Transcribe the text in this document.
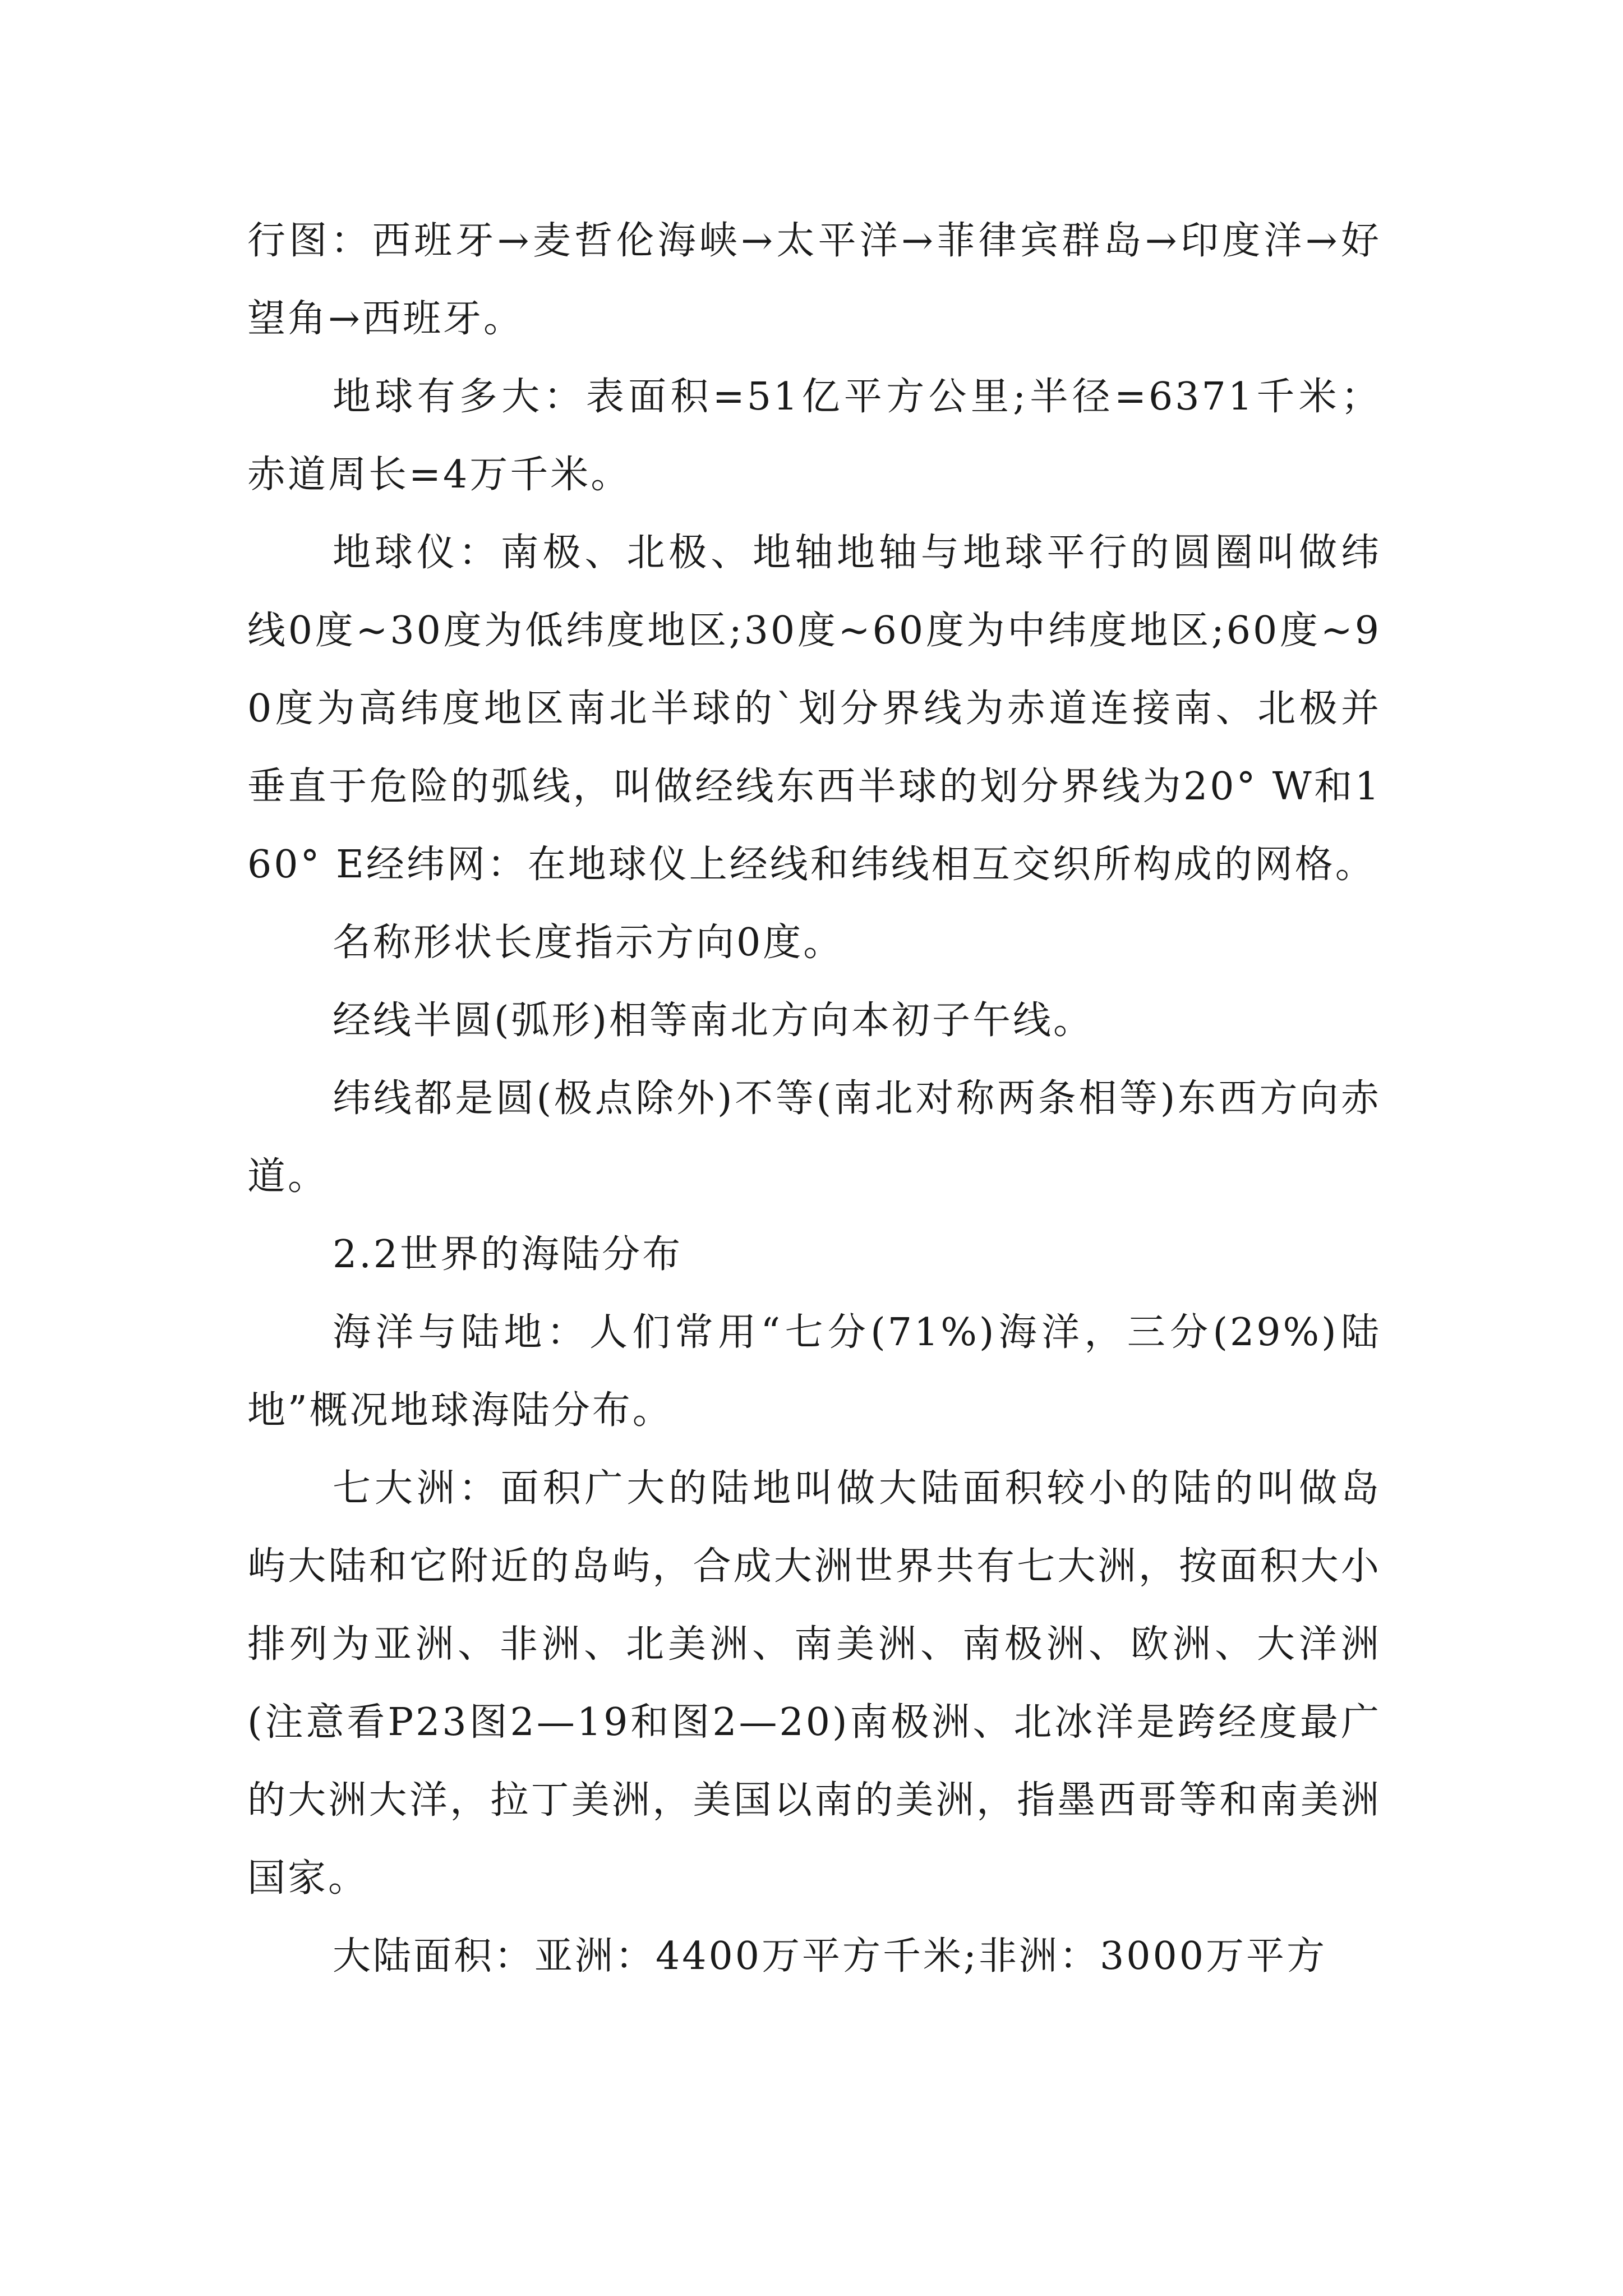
行图：西班牙→麦哲伦海峡→太平洋→菲律宾群岛→印度洋→好望角→西班牙。

地球有多大：表面积=51亿平方公里;半径=6371千米；赤道周长=4万千米。

地球仪：南极、北极、地轴地轴与地球平行的圆圈叫做纬线0度~30度为低纬度地区;30度~60度为中纬度地区;60度~90度为高纬度地区南北半球的`划分界线为赤道连接南、北极并垂直于危险的弧线，叫做经线东西半球的划分界线为20° W和160° E经纬网：在地球仪上经线和纬线相互交织所构成的网格。

名称形状长度指示方向0度。

经线半圆(弧形)相等南北方向本初子午线。

纬线都是圆(极点除外)不等(南北对称两条相等)东西方向赤道。

2.2世界的海陆分布

海洋与陆地：人们常用“七分(71%)海洋，三分(29%)陆地”概况地球海陆分布。

七大洲：面积广大的陆地叫做大陆面积较小的陆的叫做岛屿大陆和它附近的岛屿，合成大洲世界共有七大洲，按面积大小排列为亚洲、非洲、北美洲、南美洲、南极洲、欧洲、大洋洲(注意看P23图2—19和图2—20)南极洲、北冰洋是跨经度最广的大洲大洋，拉丁美洲，美国以南的美洲，指墨西哥等和南美洲国家。

大陆面积：亚洲：4400万平方千米;非洲：3000万平方
